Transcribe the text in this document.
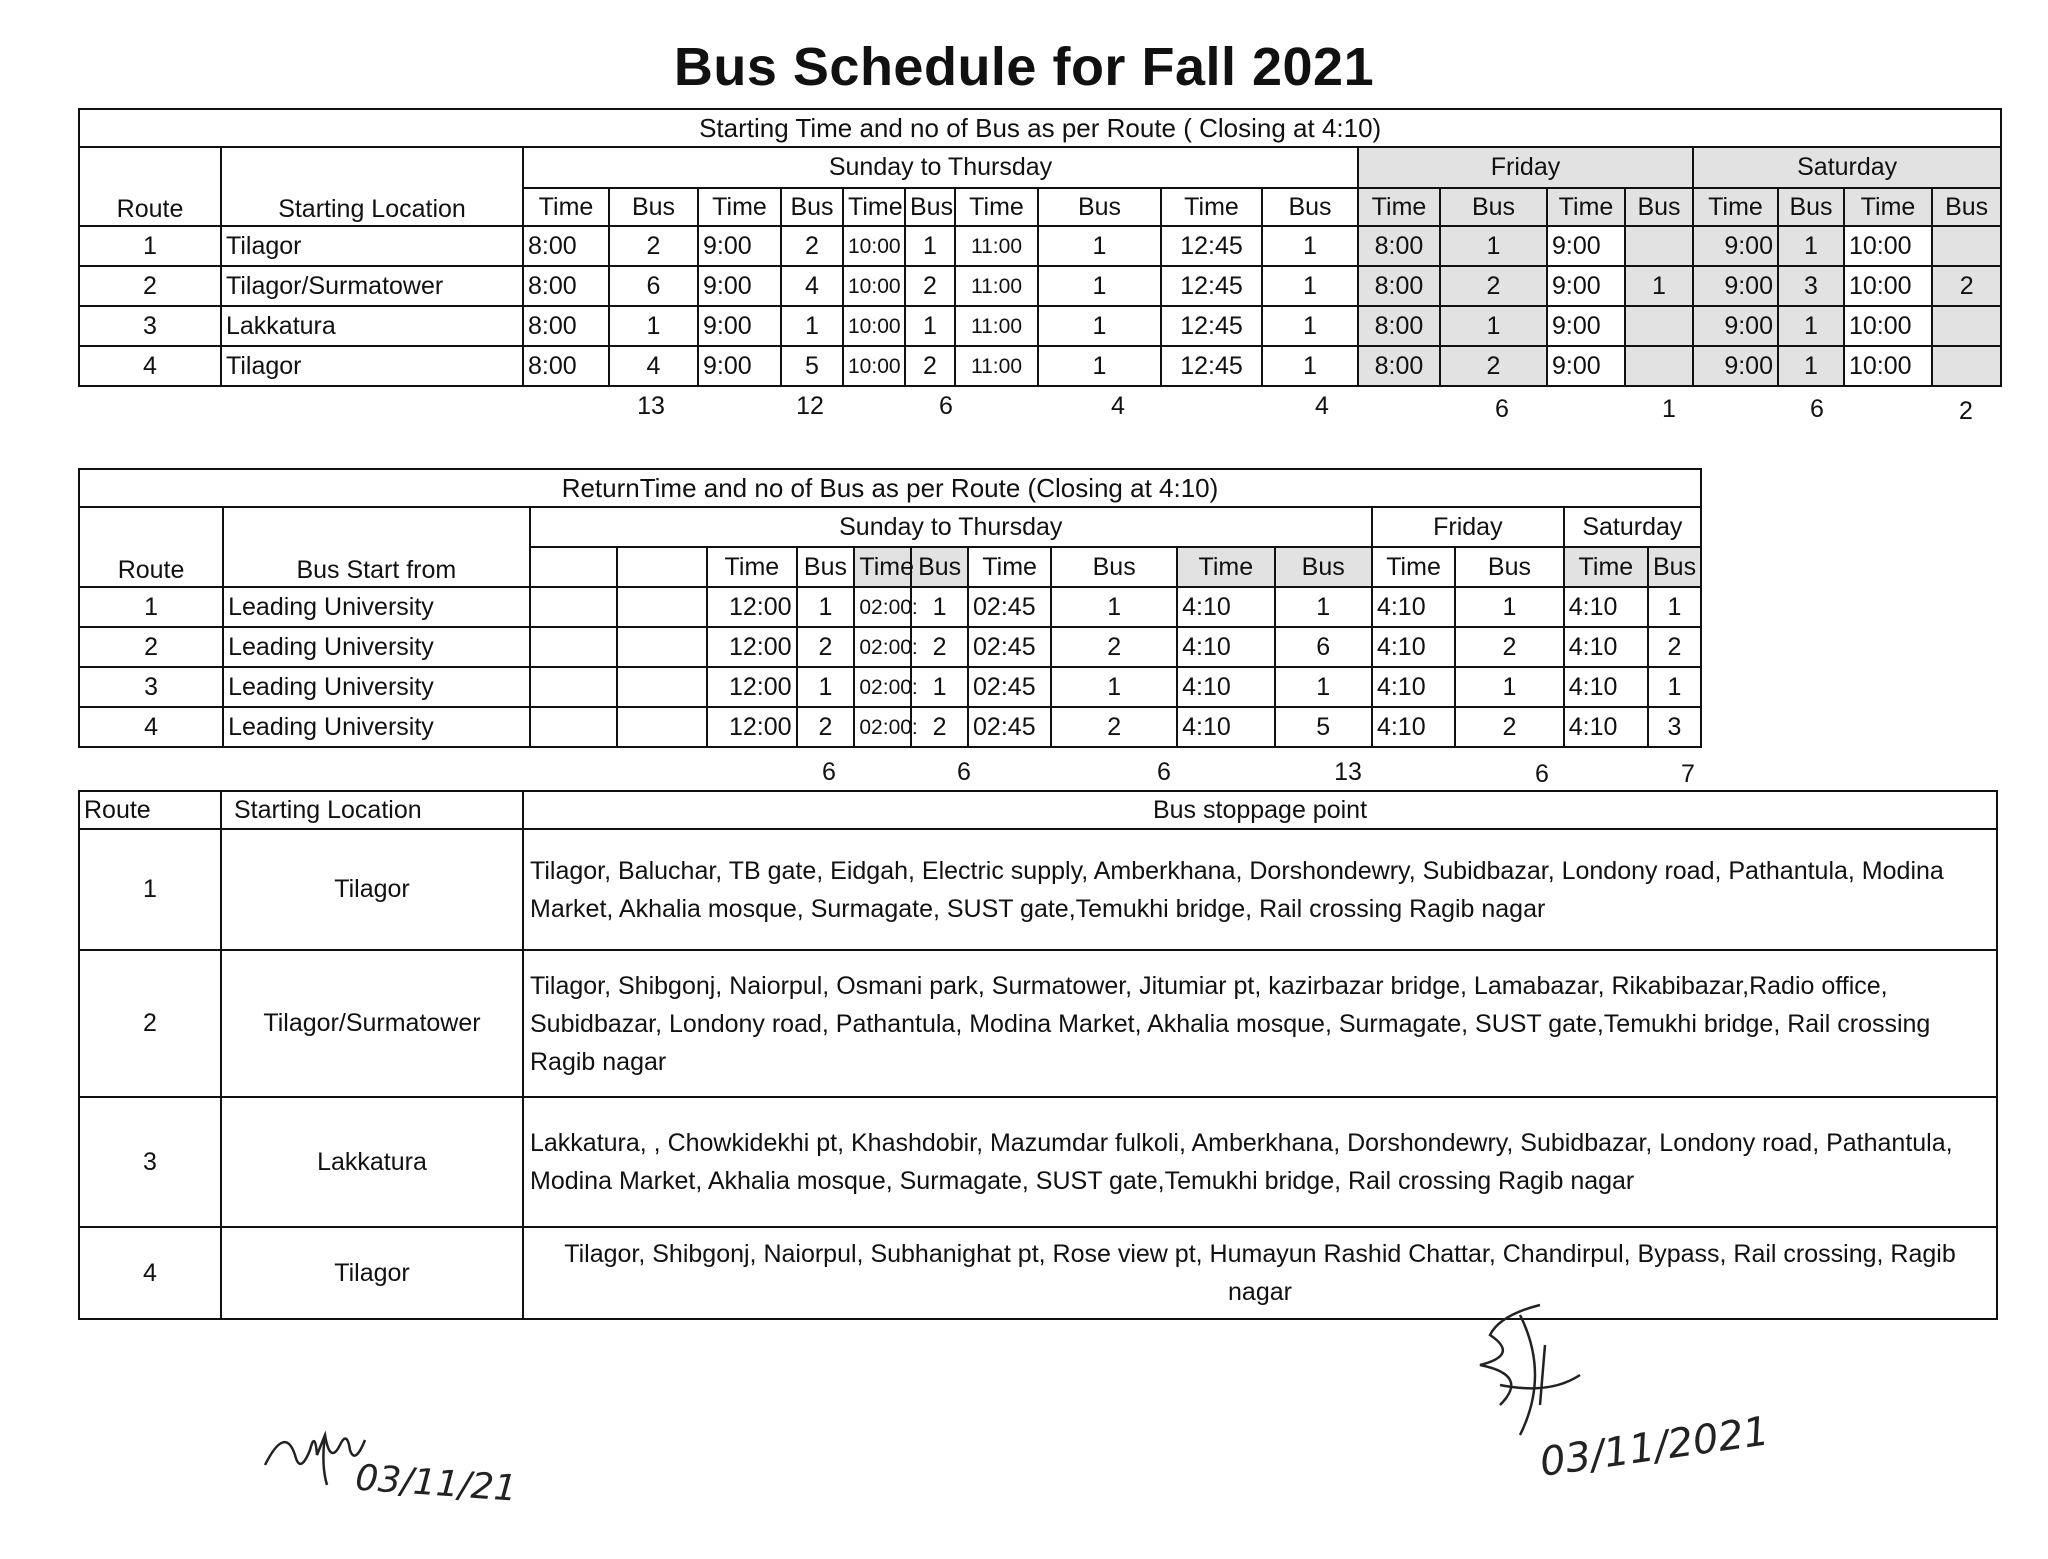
Bus Schedule for Fall 2021
Starting Time and no of Bus as per Route ( Closing at 4:10)																			
Route	Starting Location	Sunday to Thursday										Friday				Saturday			
		Time	Bus	Time	Bus	Time	Bus	Time	Bus	Time	Bus	Time	Bus	Time	Bus	Time	Bus	Time	Bus
1	Tilagor	8:00	2	9:00	2	10:00	1	11:00	1	12:45	1	8:00	1	9:00		9:00	1	10:00	
2	Tilagor/Surmatower	8:00	6	9:00	4	10:00	2	11:00	1	12:45	1	8:00	2	9:00	1	9:00	3	10:00	2
3	Lakkatura	8:00	1	9:00	1	10:00	1	11:00	1	12:45	1	8:00	1	9:00		9:00	1	10:00	
4	Tilagor	8:00	4	9:00	5	10:00	2	11:00	1	12:45	1	8:00	2	9:00		9:00	1	10:00	
13	12	6	4	4	6	1	6	2
ReturnTime and no of Bus as per Route (Closing at 4:10)															
Route	Bus Start from	Sunday to Thursday										Friday		Saturday	
				Time	Bus	Time	Bus	Time	Bus	Time	Bus	Time	Bus	Time	Bus
1	Leading University			12:00	1	02:00:	1	02:45	1	4:10	1	4:10	1	4:10	1
2	Leading University			12:00	2	02:00:	2	02:45	2	4:10	6	4:10	2	4:10	2
3	Leading University			12:00	1	02:00:	1	02:45	1	4:10	1	4:10	1	4:10	1
4	Leading University			12:00	2	02:00:	2	02:45	2	4:10	5	4:10	2	4:10	3
6	6	6	13	6	7
Route	Starting Location	Bus stoppage point
1	Tilagor	Tilagor, Baluchar, TB gate, Eidgah, Electric supply, Amberkhana, Dorshondewry, Subidbazar, Londony road, Pathantula, Modina Market, Akhalia mosque, Surmagate, SUST gate,Temukhi bridge, Rail crossing Ragib nagar
2	Tilagor/Surmatower	Tilagor, Shibgonj, Naiorpul, Osmani park, Surmatower, Jitumiar pt, kazirbazar bridge, Lamabazar, Rikabibazar,Radio office, Subidbazar, Londony road, Pathantula, Modina Market, Akhalia mosque, Surmagate, SUST gate,Temukhi bridge, Rail crossing Ragib nagar
3	Lakkatura	Lakkatura, , Chowkidekhi pt, Khashdobir, Mazumdar fulkoli, Amberkhana, Dorshondewry, Subidbazar, Londony road, Pathantula, Modina Market, Akhalia mosque, Surmagate, SUST gate,Temukhi bridge, Rail crossing Ragib nagar
4	Tilagor	Tilagor, Shibgonj, Naiorpul, Subhanighat pt, Rose view pt, Humayun Rashid Chattar, Chandirpul, Bypass, Rail crossing, Ragib nagar
03/11/21	03/11/2021
